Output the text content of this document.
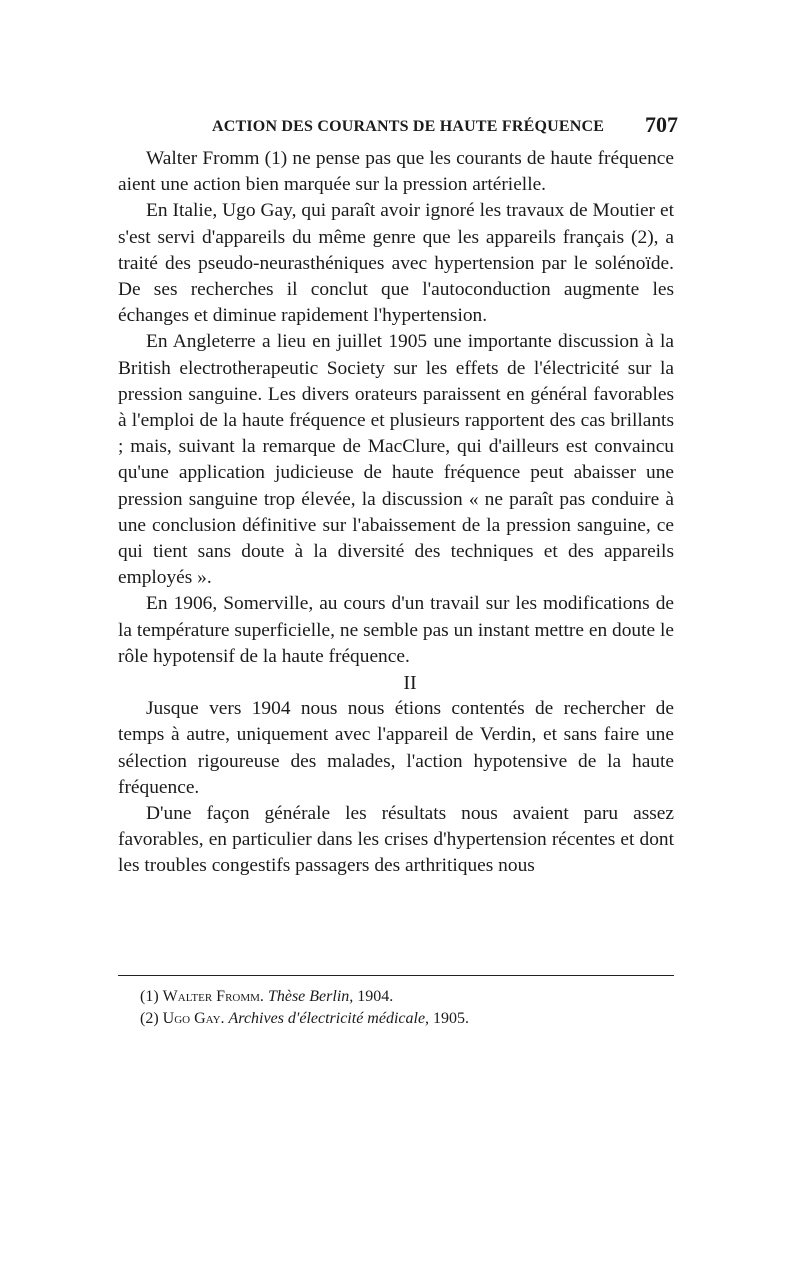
ACTION DES COURANTS DE HAUTE FRÉQUENCE 707

Walter Fromm (1) ne pense pas que les courants de haute fréquence aient une action bien marquée sur la pression artérielle.

En Italie, Ugo Gay, qui paraît avoir ignoré les travaux de Moutier et s'est servi d'appareils du même genre que les appareils français (2), a traité des pseudo-neurasthéniques avec hypertension par le solénoïde. De ses recherches il conclut que l'autoconduction augmente les échanges et diminue rapidement l'hypertension.

En Angleterre a lieu en juillet 1905 une importante discussion à la British electrotherapeutic Society sur les effets de l'électricité sur la pression sanguine. Les divers orateurs paraissent en général favorables à l'emploi de la haute fréquence et plusieurs rapportent des cas brillants ; mais, suivant la remarque de MacClure, qui d'ailleurs est convaincu qu'une application judicieuse de haute fréquence peut abaisser une pression sanguine trop élevée, la discussion « ne paraît pas conduire à une conclusion définitive sur l'abaissement de la pression sanguine, ce qui tient sans doute à la diversité des techniques et des appareils employés ».

En 1906, Somerville, au cours d'un travail sur les modifications de la température superficielle, ne semble pas un instant mettre en doute le rôle hypotensif de la haute fréquence.

II

Jusque vers 1904 nous nous étions contentés de rechercher de temps à autre, uniquement avec l'appareil de Verdin, et sans faire une sélection rigoureuse des malades, l'action hypotensive de la haute fréquence.

D'une façon générale les résultats nous avaient paru assez favorables, en particulier dans les crises d'hypertension récentes et dont les troubles congestifs passagers des arthritiques nous

(1) Walter Fromm. Thèse Berlin, 1904.
(2) Ugo Gay. Archives d'électricité médicale, 1905.
